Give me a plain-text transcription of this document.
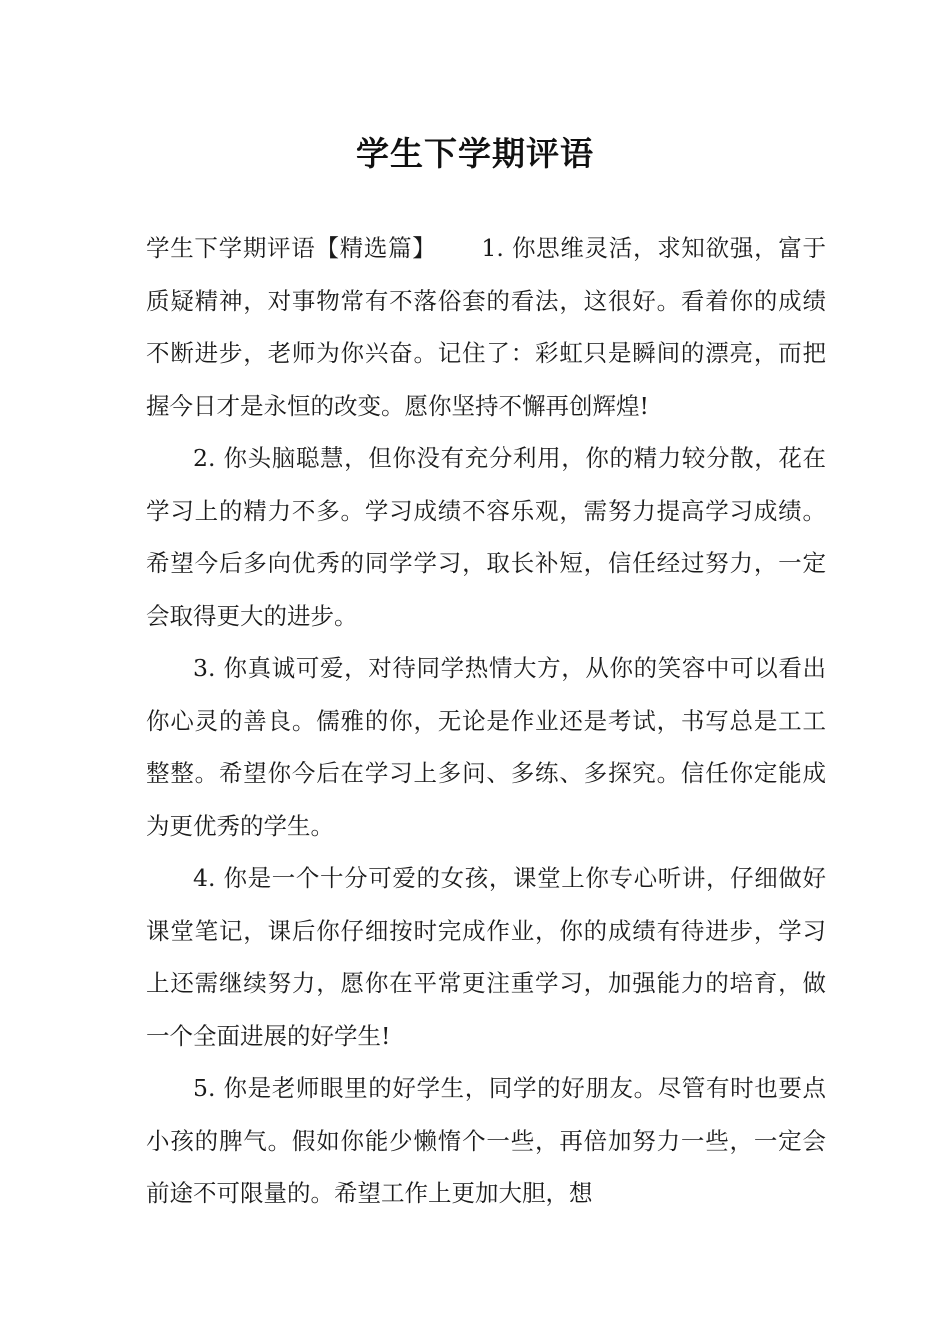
学生下学期评语

学生下学期评语【精选篇】　　 1. 你思维灵活，求知欲强，富于质疑精神，对事物常有不落俗套的看法，这很好。看着你的成绩不断进步，老师为你兴奋。记住了：彩虹只是瞬间的漂亮，而把握今日才是永恒的改变。愿你坚持不懈再创辉煌!

2. 你头脑聪慧，但你没有充分利用，你的精力较分散，花在学习上的精力不多。学习成绩不容乐观，需努力提高学习成绩。希望今后多向优秀的同学学习，取长补短，信任经过努力，一定会取得更大的进步。

3. 你真诚可爱，对待同学热情大方，从你的笑容中可以看出你心灵的善良。儒雅的你，无论是作业还是考试，书写总是工工整整。希望你今后在学习上多问、多练、多探究。信任你定能成为更优秀的学生。

4. 你是一个十分可爱的女孩，课堂上你专心听讲，仔细做好课堂笔记，课后你仔细按时完成作业，你的成绩有待进步，学习上还需继续努力，愿你在平常更注重学习，加强能力的培育，做一个全面进展的好学生!

5. 你是老师眼里的好学生，同学的好朋友。尽管有时也要点小孩的脾气。假如你能少懒惰个一些，再倍加努力一些，一定会前途不可限量的。希望工作上更加大胆，想
